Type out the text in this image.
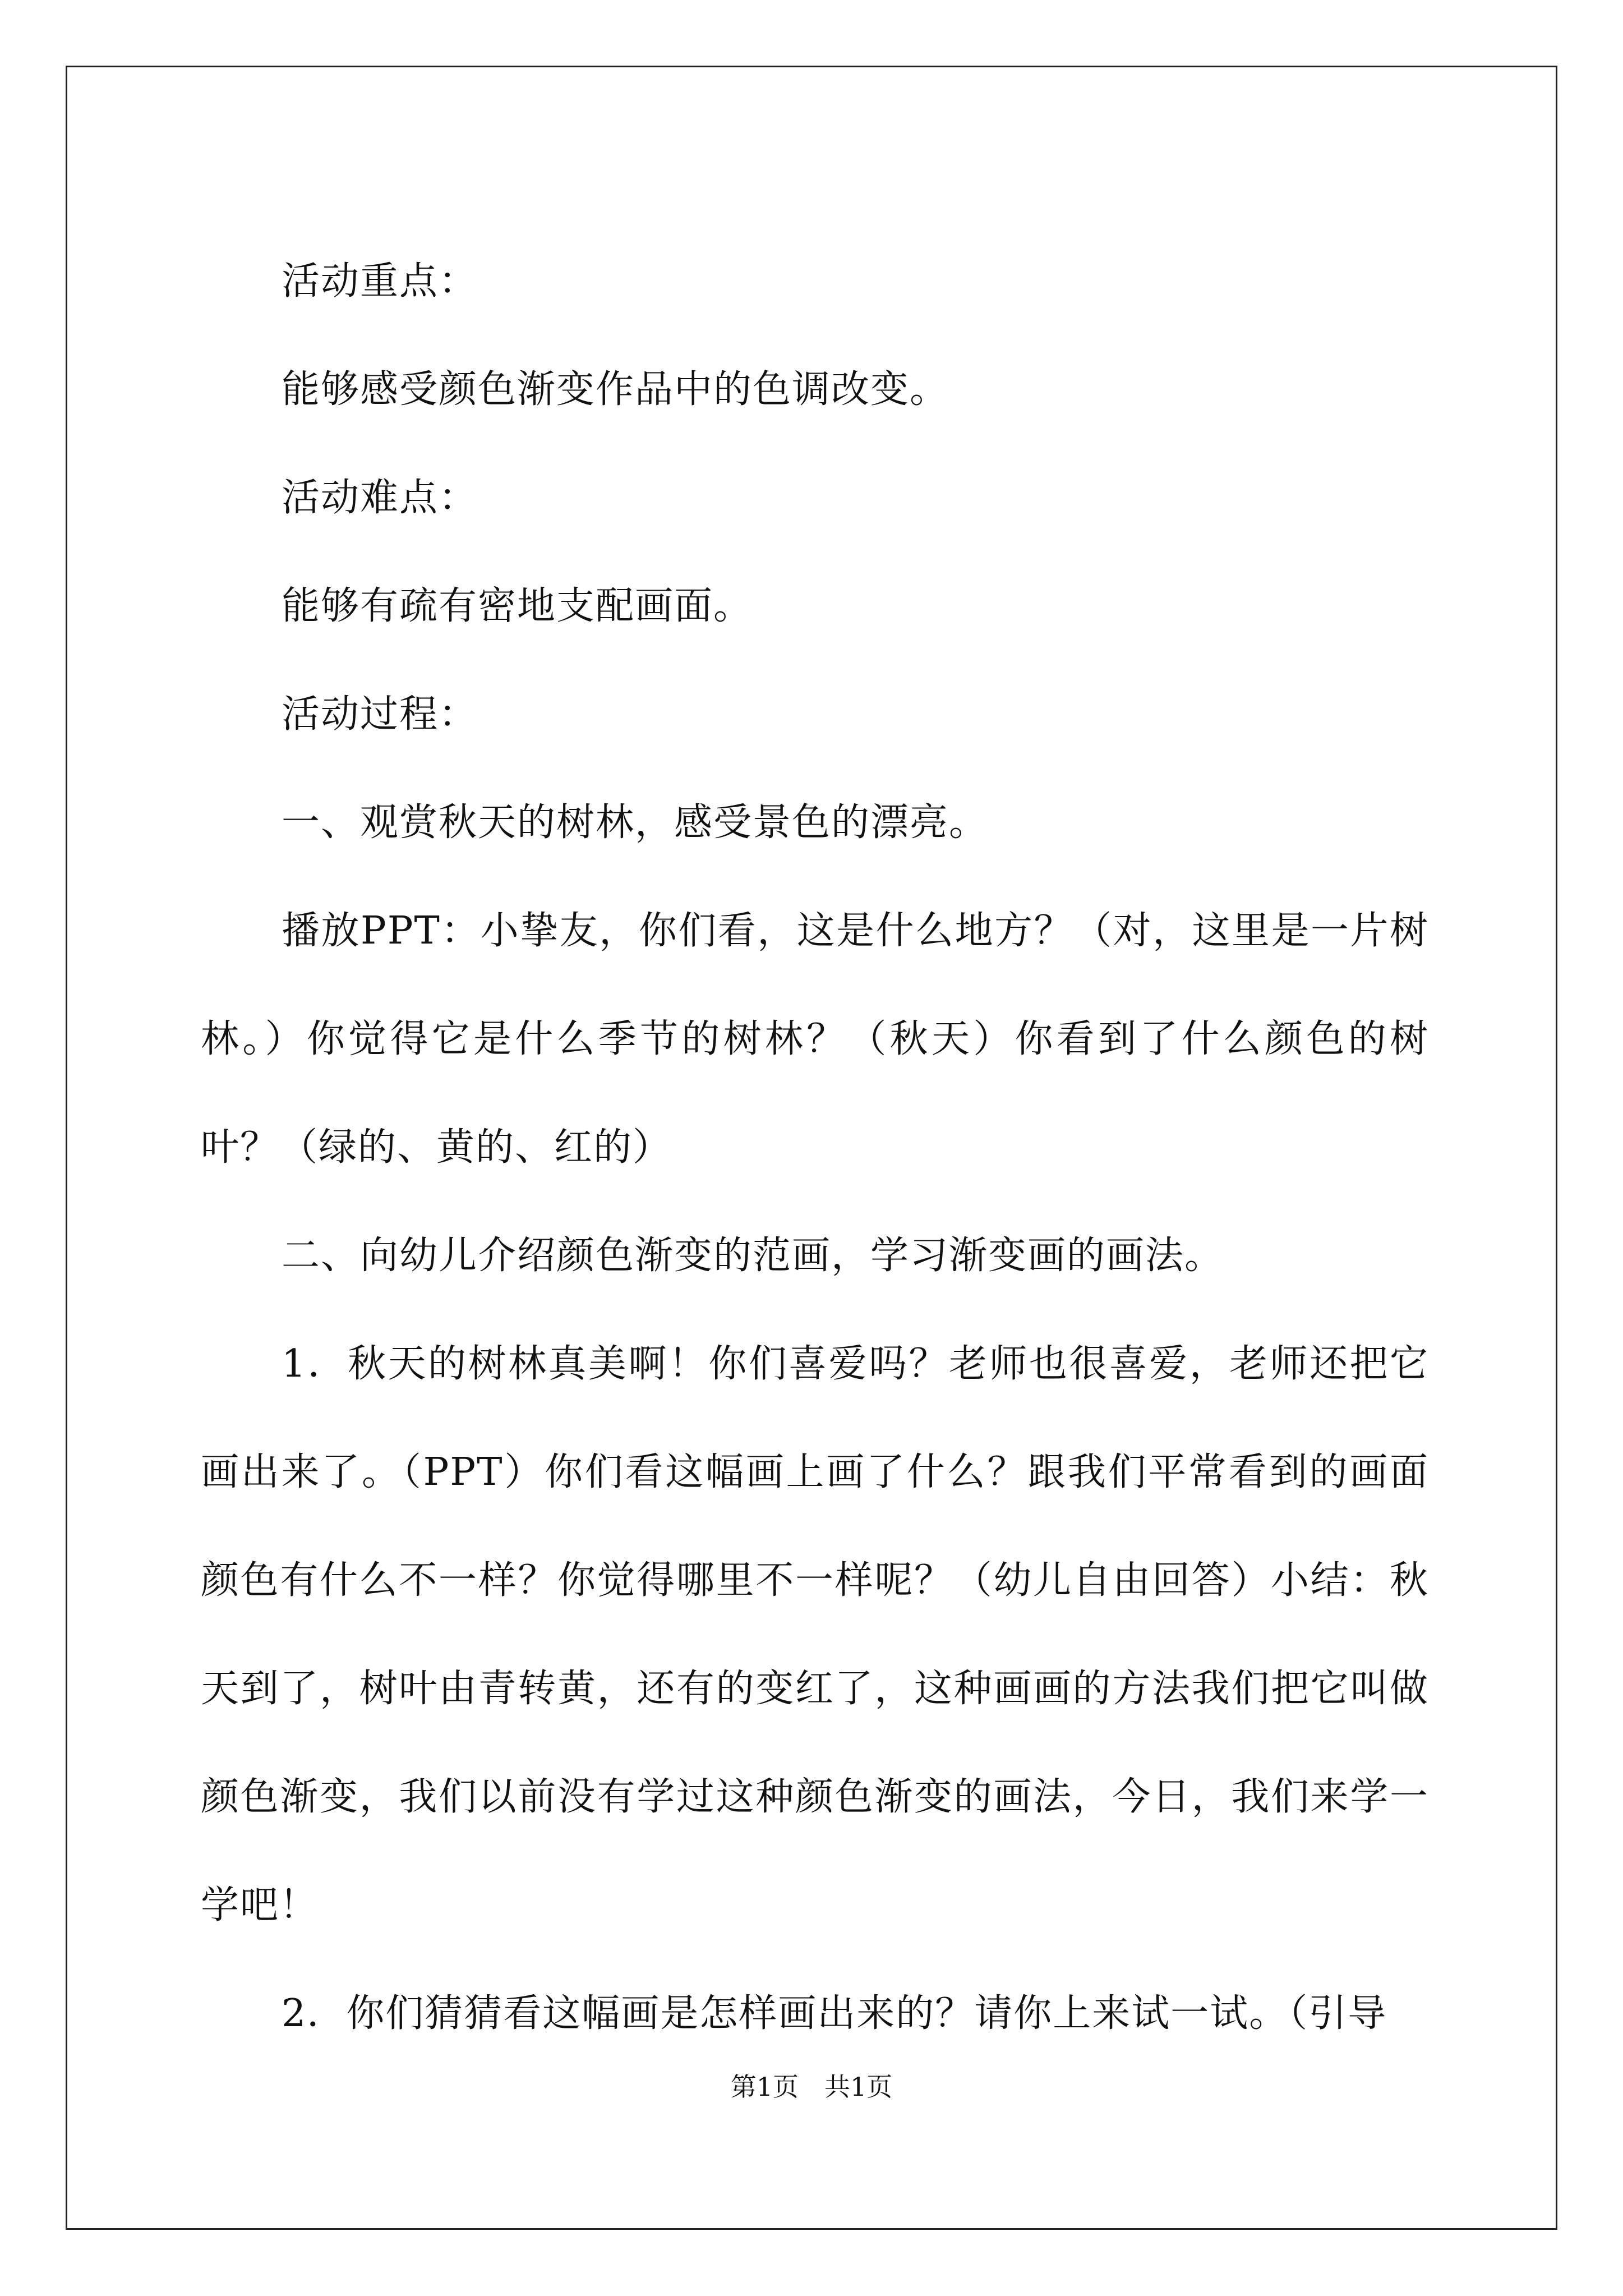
活动重点：

能够感受颜色渐变作品中的色调改变。

活动难点：

能够有疏有密地支配画面。

活动过程：

一、观赏秋天的树林，感受景色的漂亮。

播放PPT：小挚友，你们看，这是什么地方？（对，这里是一片树林。）你觉得它是什么季节的树林？（秋天）你看到了什么颜色的树叶？（绿的、黄的、红的）

二、向幼儿介绍颜色渐变的范画，学习渐变画的画法。

1．秋天的树林真美啊！你们喜爱吗？老师也很喜爱，老师还把它画出来了。（PPT）你们看这幅画上画了什么？跟我们平常看到的画面颜色有什么不一样？你觉得哪里不一样呢？（幼儿自由回答）小结：秋天到了，树叶由青转黄，还有的变红了，这种画画的方法我们把它叫做颜色渐变，我们以前没有学过这种颜色渐变的画法，今日，我们来学一学吧！

2．你们猜猜看这幅画是怎样画出来的？请你上来试一试。（引导

第1页　共1页
